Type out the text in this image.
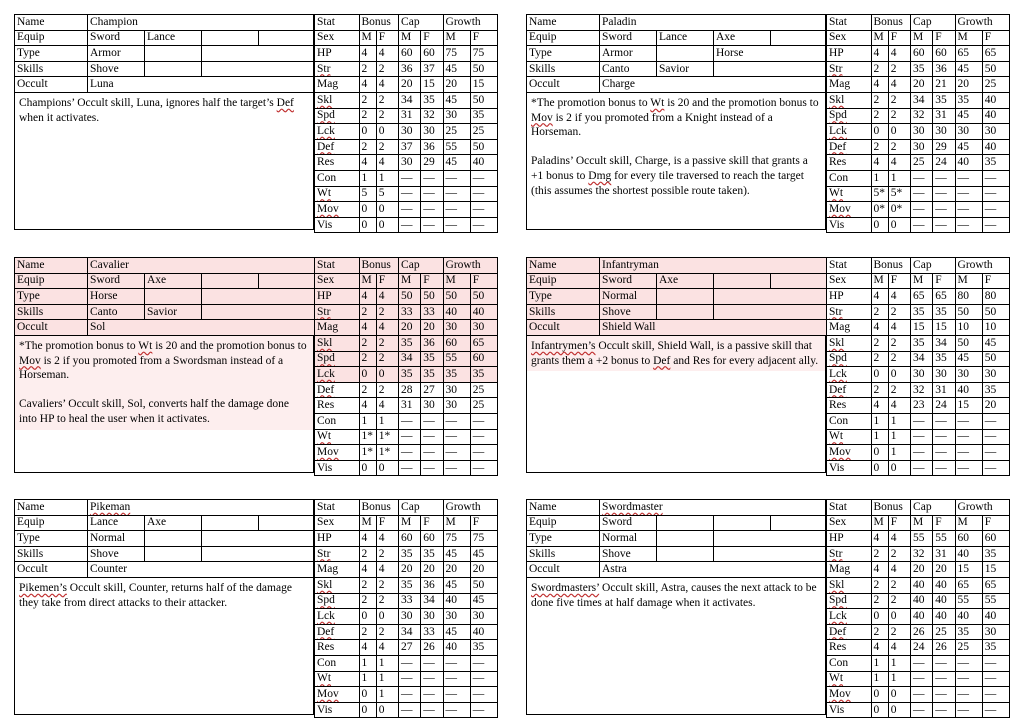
Name	Champion			
Equip	Sword	Lance		
Type	Armor			
Skills	Shove			
Occult	Luna			

Champions’ Occult skill, Luna, ignores half the target’s Def when it activates.

Stat	Bonus		Cap		Growth	
Sex	M	F	M	F	M	F
HP	4	4	60	60	75	75
Str	2	2	36	37	45	50
Mag	4	4	20	15	20	15
Skl	2	2	34	35	45	50
Spd	2	2	31	32	30	35
Lck	0	0	30	30	25	25
Def	2	2	37	36	55	50
Res	4	4	30	29	45	40
Con	1	1	—	—	—	—
Wt	5	5	—	—	—	—
Mov	0	0	—	—	—	—
Vis	0	0	—	—	—	—
Name	Paladin			
Equip	Sword	Lance	Axe	
Type	Armor		Horse	
Skills	Canto	Savior		
Occult	Charge			

*The promotion bonus to Wt is 20 and the promotion bonus to Mov is 2 if you promoted from a Knight instead of a Horseman.

Paladins’ Occult skill, Charge, is a passive skill that grants a +1 bonus to Dmg for every tile traversed to reach the target (this assumes the shortest possible route taken).

Stat	Bonus		Cap		Growth	
Sex	M	F	M	F	M	F
HP	4	4	60	60	65	65
Str	2	2	35	36	45	50
Mag	4	4	20	21	20	25
Skl	2	2	34	35	35	40
Spd	2	2	32	31	45	40
Lck	0	0	30	30	30	30
Def	2	2	30	29	45	40
Res	4	4	25	24	40	35
Con	1	1	—	—	—	—
Wt	5*	5*	—	—	—	—
Mov	0*	0*	—	—	—	—
Vis	0	0	—	—	—	—
Name	Cavalier			
Equip	Sword	Axe		
Type	Horse			
Skills	Canto	Savior		
Occult	Sol			

*The promotion bonus to Wt is 20 and the promotion bonus to Mov is 2 if you promoted from a Swordsman instead of a Horseman.

Cavaliers’ Occult skill, Sol, converts half the damage done into HP to heal the user when it activates.

Stat	Bonus		Cap		Growth	
Sex	M	F	M	F	M	F
HP	4	4	50	50	50	50
Str	2	2	33	33	40	40
Mag	4	4	20	20	30	30
Skl	2	2	35	36	60	65
Spd	2	2	34	35	55	60
Lck	0	0	35	35	35	35
Def	2	2	28	27	30	25
Res	4	4	31	30	30	25
Con	1	1	—	—	—	—
Wt	1*	1*	—	—	—	—
Mov	1*	1*	—	—	—	—
Vis	0	0	—	—	—	—
Name	Infantryman			
Equip	Sword	Axe		
Type	Normal			
Skills	Shove			
Occult	Shield Wall			

Infantrymen’s Occult skill, Shield Wall, is a passive skill that grants them a +2 bonus to Def and Res for every adjacent ally.

Stat	Bonus		Cap		Growth	
Sex	M	F	M	F	M	F
HP	4	4	65	65	80	80
Str	2	2	35	35	50	50
Mag	4	4	15	15	10	10
Skl	2	2	35	34	50	45
Spd	2	2	34	35	45	50
Lck	0	0	30	30	30	30
Def	2	2	32	31	40	35
Res	4	4	23	24	15	20
Con	1	1	—	—	—	—
Wt	1	1	—	—	—	—
Mov	0	1	—	—	—	—
Vis	0	0	—	—	—	—
Name	Pikeman			
Equip	Lance	Axe		
Type	Normal			
Skills	Shove			
Occult	Counter			

Pikemen’s Occult skill, Counter, returns half of the damage they take from direct attacks to their attacker.

Stat	Bonus		Cap		Growth	
Sex	M	F	M	F	M	F
HP	4	4	60	60	75	75
Str	2	2	35	35	45	45
Mag	4	4	20	20	20	20
Skl	2	2	35	36	45	50
Spd	2	2	33	34	40	45
Lck	0	0	30	30	30	30
Def	2	2	34	33	45	40
Res	4	4	27	26	40	35
Con	1	1	—	—	—	—
Wt	1	1	—	—	—	—
Mov	0	1	—	—	—	—
Vis	0	0	—	—	—	—
Name	Swordmaster			
Equip	Sword			
Type	Normal			
Skills	Shove			
Occult	Astra			

Swordmasters’ Occult skill, Astra, causes the next attack to be done five times at half damage when it activates.

Stat	Bonus		Cap		Growth	
Sex	M	F	M	F	M	F
HP	4	4	55	55	60	60
Str	2	2	32	31	40	35
Mag	4	4	20	20	15	15
Skl	2	2	40	40	65	65
Spd	2	2	40	40	55	55
Lck	0	0	40	40	40	40
Def	2	2	26	25	35	30
Res	4	4	24	26	25	35
Con	1	1	—	—	—	—
Wt	1	1	—	—	—	—
Mov	0	0	—	—	—	—
Vis	0	0	—	—	—	—
